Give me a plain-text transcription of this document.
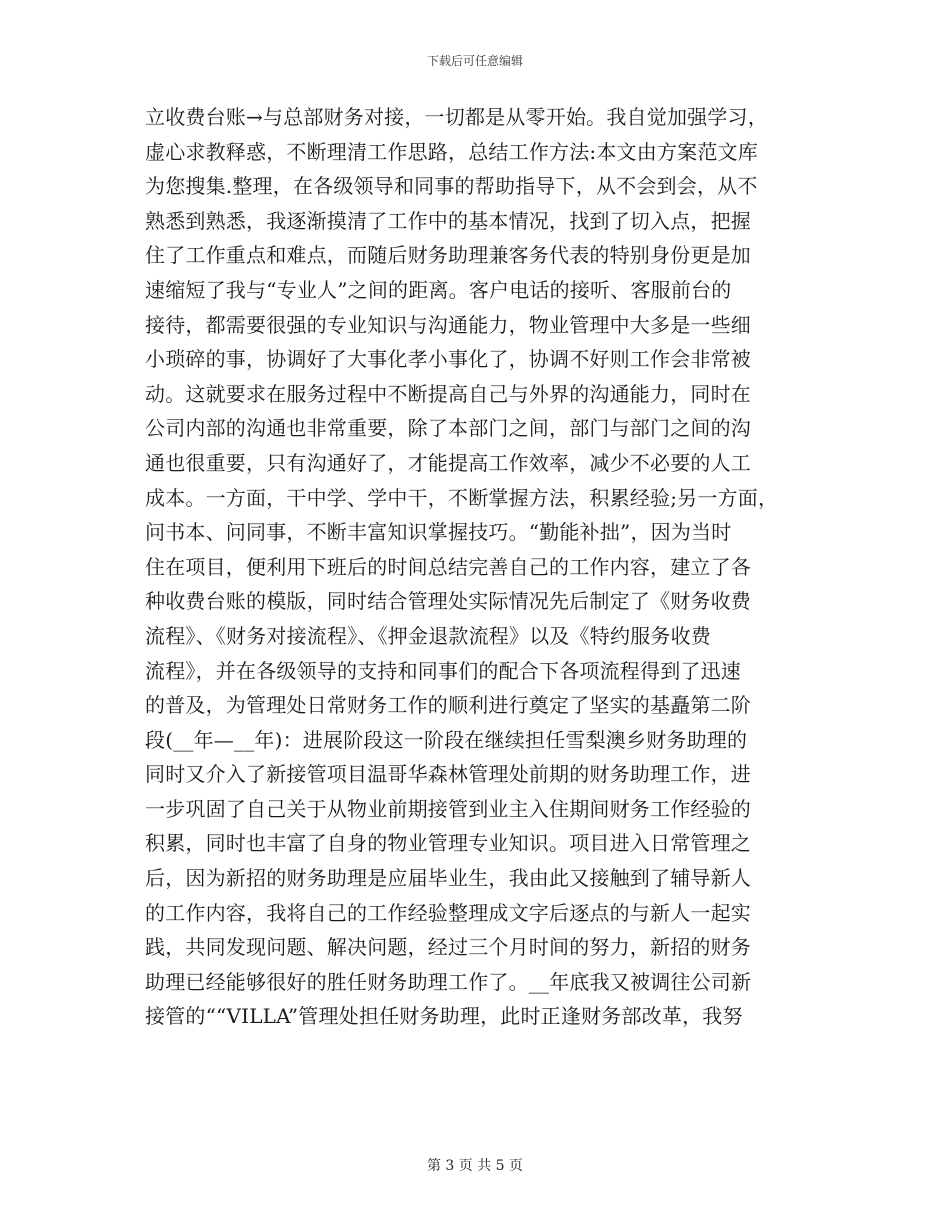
下载后可任意编辑
立收费台账→与总部财务对接，一切都是从零开始。我自觉加强学习，
虚心求教释惑，不断理清工作思路，总结工作方法:本文由方案范文库
为您搜集.整理，在各级领导和同事的帮助指导下，从不会到会，从不
熟悉到熟悉，我逐渐摸清了工作中的基本情况，找到了切入点，把握
住了工作重点和难点，而随后财务助理兼客务代表的特别身份更是加
速缩短了我与“专业人”之间的距离。客户电话的接听、客服前台的
接待，都需要很强的专业知识与沟通能力，物业管理中大多是一些细
小琐碎的事，协调好了大事化孝小事化了，协调不好则工作会非常被
动。这就要求在服务过程中不断提高自己与外界的沟通能力，同时在
公司内部的沟通也非常重要，除了本部门之间，部门与部门之间的沟
通也很重要，只有沟通好了，才能提高工作效率，减少不必要的人工
成本。一方面，干中学、学中干，不断掌握方法，积累经验;另一方面，
问书本、问同事，不断丰富知识掌握技巧。“勤能补拙”，因为当时
住在项目，便利用下班后的时间总结完善自己的工作内容，建立了各
种收费台账的模版，同时结合管理处实际情况先后制定了《财务收费
流程》、《财务对接流程》、《押金退款流程》以及《特约服务收费
流程》，并在各级领导的支持和同事们的配合下各项流程得到了迅速
的普及，为管理处日常财务工作的顺利进行奠定了坚实的基矗第二阶
段(__年—__年)：进展阶段这一阶段在继续担任雪梨澳乡财务助理的
同时又介入了新接管项目温哥华森林管理处前期的财务助理工作，进
一步巩固了自己关于从物业前期接管到业主入住期间财务工作经验的
积累，同时也丰富了自身的物业管理专业知识。项目进入日常管理之
后，因为新招的财务助理是应届毕业生，我由此又接触到了辅导新人
的工作内容，我将自己的工作经验整理成文字后逐点的与新人一起实
践，共同发现问题、解决问题，经过三个月时间的努力，新招的财务
助理已经能够很好的胜任财务助理工作了。__年底我又被调往公司新
接管的““VILLA”管理处担任财务助理，此时正逢财务部改革，我努
第 3 页 共 5 页
